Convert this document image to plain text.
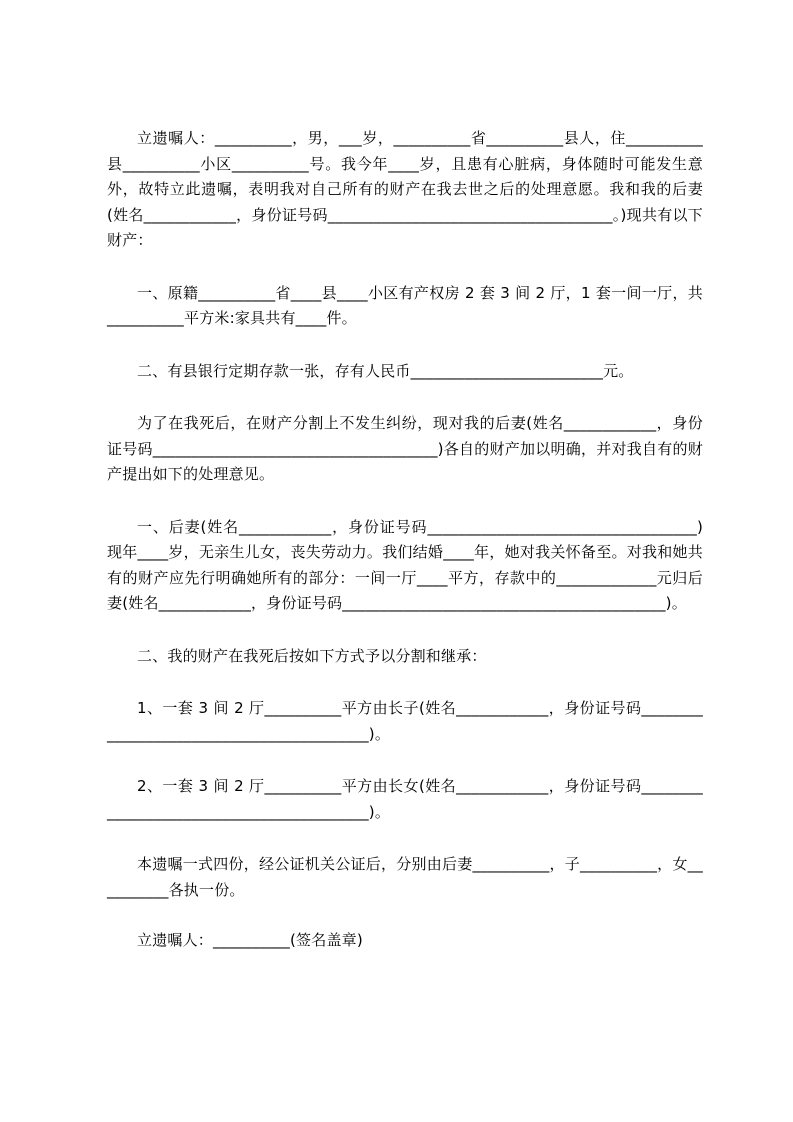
立遗嘱人：__________，男，___岁，__________省__________县人，住__________县__________小区__________号。我今年____岁，且患有心脏病，身体随时可能发生意外，故特立此遗嘱，表明我对自己所有的财产在我去世之后的处理意愿。我和我的后妻(姓名____________，身份证号码_____________________________________。)现共有以下财产：

一、原籍__________省____县____小区有产权房 2 套 3 间 2 厅，1 套一间一厅，共__________平方米:家具共有____件。

二、有县银行定期存款一张，存有人民币_________________________元。

为了在我死后，在财产分割上不发生纠纷，现对我的后妻(姓名____________，身份证号码_____________________________________)各自的财产加以明确，并对我自有的财产提出如下的处理意见。

一、后妻(姓名____________，身份证号码___________________________________)现年____岁，无亲生儿女，丧失劳动力。我们结婚____年，她对我关怀备至。对我和她共有的财产应先行明确她所有的部分：一间一厅____平方，存款中的_____________元归后妻(姓名____________，身份证号码__________________________________________)。

二、我的财产在我死后按如下方式予以分割和继承：

1、一套 3 间 2 厅__________平方由长子(姓名____________，身份证号码__________________________________________)。

2、一套 3 间 2 厅__________平方由长女(姓名____________，身份证号码__________________________________________)。

本遗嘱一式四份，经公证机关公证后，分别由后妻__________，子__________，女__________各执一份。

立遗嘱人：__________(签名盖章)
